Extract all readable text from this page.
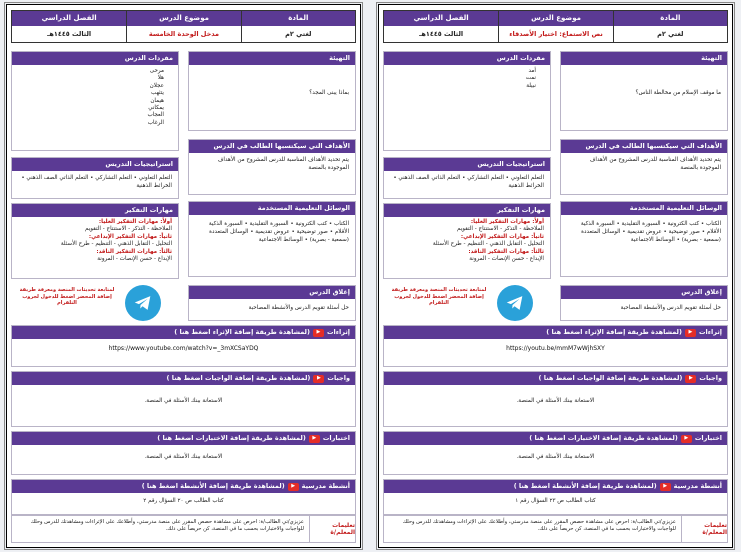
الفصل الدراسي
الثالث ١٤٤٥هـ
موضوع الدرس
مدخل الوحدة الخامسة
المادة
لغتي ٢م
التهيئة
بماذا يبنى المجد؟
مفردات الدرس
مرحى
هلا
عجلان
يتثهب
هيمان
يمكاني
العجاب
الرغاب
الأهداف التي سيكتسبها الطالب في الدرس
يتم تحديد الأهداف المناسبة للدرس المشروح من الأهداف الموجودة بالمنصة
استراتيجيات التدريس
التعلم التعاوني • التعلم التشاركي • التعلم الذاتي الصف الذهني • الخرائط الذهنية
الوسائل التعليمية المستخدمة
الكتاب • كتب الكترونية • السبورة التقليدية • السبورة الذكية الأقلام • صور توضيحية • عروض تقديمية • الوسائل المتعددة (سمعية - بصرية) • الوسائط الاجتماعية
مهارات التفكير
أولاً: مهارات التفكير العليا:
الملاحظة - التذكر - الاستنتاج - التقويم
ثانياً: مهارات التفكير الإبداعي:
التحليل - التقابل الذهني - التنظيم - طرح الأسئلة
ثالثاً: مهارات التفكير الناقد:
الإبداع - حسن الإنصات - المرونة
لمتابعة تحديثات المنصة ومعرفة طريقة إضافة المحضر اضغط للدخول لجروب التلقرام
إغلاق الدرس
حل أسئلة تقويم الدرس والأنشطة المصاحبة
إثراءات
▶
(لمشاهدة طريقة إضافة الإثراء اضغط هنا )
https://www.youtube.com/watch?v=_3mXCSaYDQ
واجبات
▶
(لمشاهدة طريقة إضافة الواجبات اضغط هنا )
الاستعانة ببنك الأسئلة في المنصة.
اختبارات
▶
(لمشاهدة طريقة إضافة الاختبارات اضغط هنا )
الاستعانة ببنك الأسئلة في المنصة.
أنشطة مدرسية
▶
(لمشاهدة طريقة إضافة الأنشطة اضغط هنا )
كتاب الطالب ص ٢٠ السؤال رقم ٢
تعليمات المعلم/ة
عزيزي/تي الطالب/ة: احرص على مشاهدة حصص المقرر على منصة مدرستي، وأطلاعك على الإثراءات ومشاهدتك للدرس وحلك للواجبات والاختبارات بحسب ما في المنصة، كن حريصاً على ذلك.
الفصل الدراسي
الثالث ١٤٤٥هـ
موضوع الدرس
نص الاستماع: اختيار الأصدقاء
المادة
لغتي ٢م
التهيئة
ما موقف الإسلام من مخالطة الناس؟
مفردات الدرس
أمد
نمت
نبيلة
الأهداف التي سيكتسبها الطالب في الدرس
يتم تحديد الأهداف المناسبة للدرس المشروح من الأهداف الموجودة بالمنصة
استراتيجيات التدريس
التعلم التعاوني • التعلم التشاركي • التعلم الذاتي الصف الذهني • الخرائط الذهنية
الوسائل التعليمية المستخدمة
الكتاب • كتب الكترونية • السبورة التقليدية • السبورة الذكية الأقلام • صور توضيحية • عروض تقديمية • الوسائل المتعددة (سمعية - بصرية) • الوسائط الاجتماعية
مهارات التفكير
أولاً: مهارات التفكير العليا:
الملاحظة - التذكر - الاستنتاج - التقويم
ثانياً: مهارات التفكير الإبداعي:
التحليل - التقابل الذهني - التنظيم - طرح الأسئلة
ثالثاً: مهارات التفكير الناقد:
الإبداع - حسن الإنصات - المرونة
لمتابعة تحديثات المنصة ومعرفة طريقة إضافة المحضر اضغط للدخول لجروب التلقرام
إغلاق الدرس
حل أسئلة تقويم الدرس والأنشطة المصاحبة
إثراءات
▶
(لمشاهدة طريقة إضافة الإثراء اضغط هنا )
https://youtu.be/mmM7wWjhSXY
واجبات
▶
(لمشاهدة طريقة إضافة الواجبات اضغط هنا )
الاستعانة ببنك الأسئلة في المنصة.
اختبارات
▶
(لمشاهدة طريقة إضافة الاختبارات اضغط هنا )
الاستعانة ببنك الأسئلة في المنصة.
أنشطة مدرسية
▶
(لمشاهدة طريقة إضافة الأنشطة اضغط هنا )
كتاب الطالب ص ٢٣ السؤال رقم ١
تعليمات المعلم/ة
عزيزي/تي الطالب/ة: احرص على مشاهدة حصص المقرر على منصة مدرستي، وأطلاعك على الإثراءات ومشاهدتك للدرس وحلك للواجبات والاختبارات بحسب ما في المنصة، كن حريصاً على ذلك.
